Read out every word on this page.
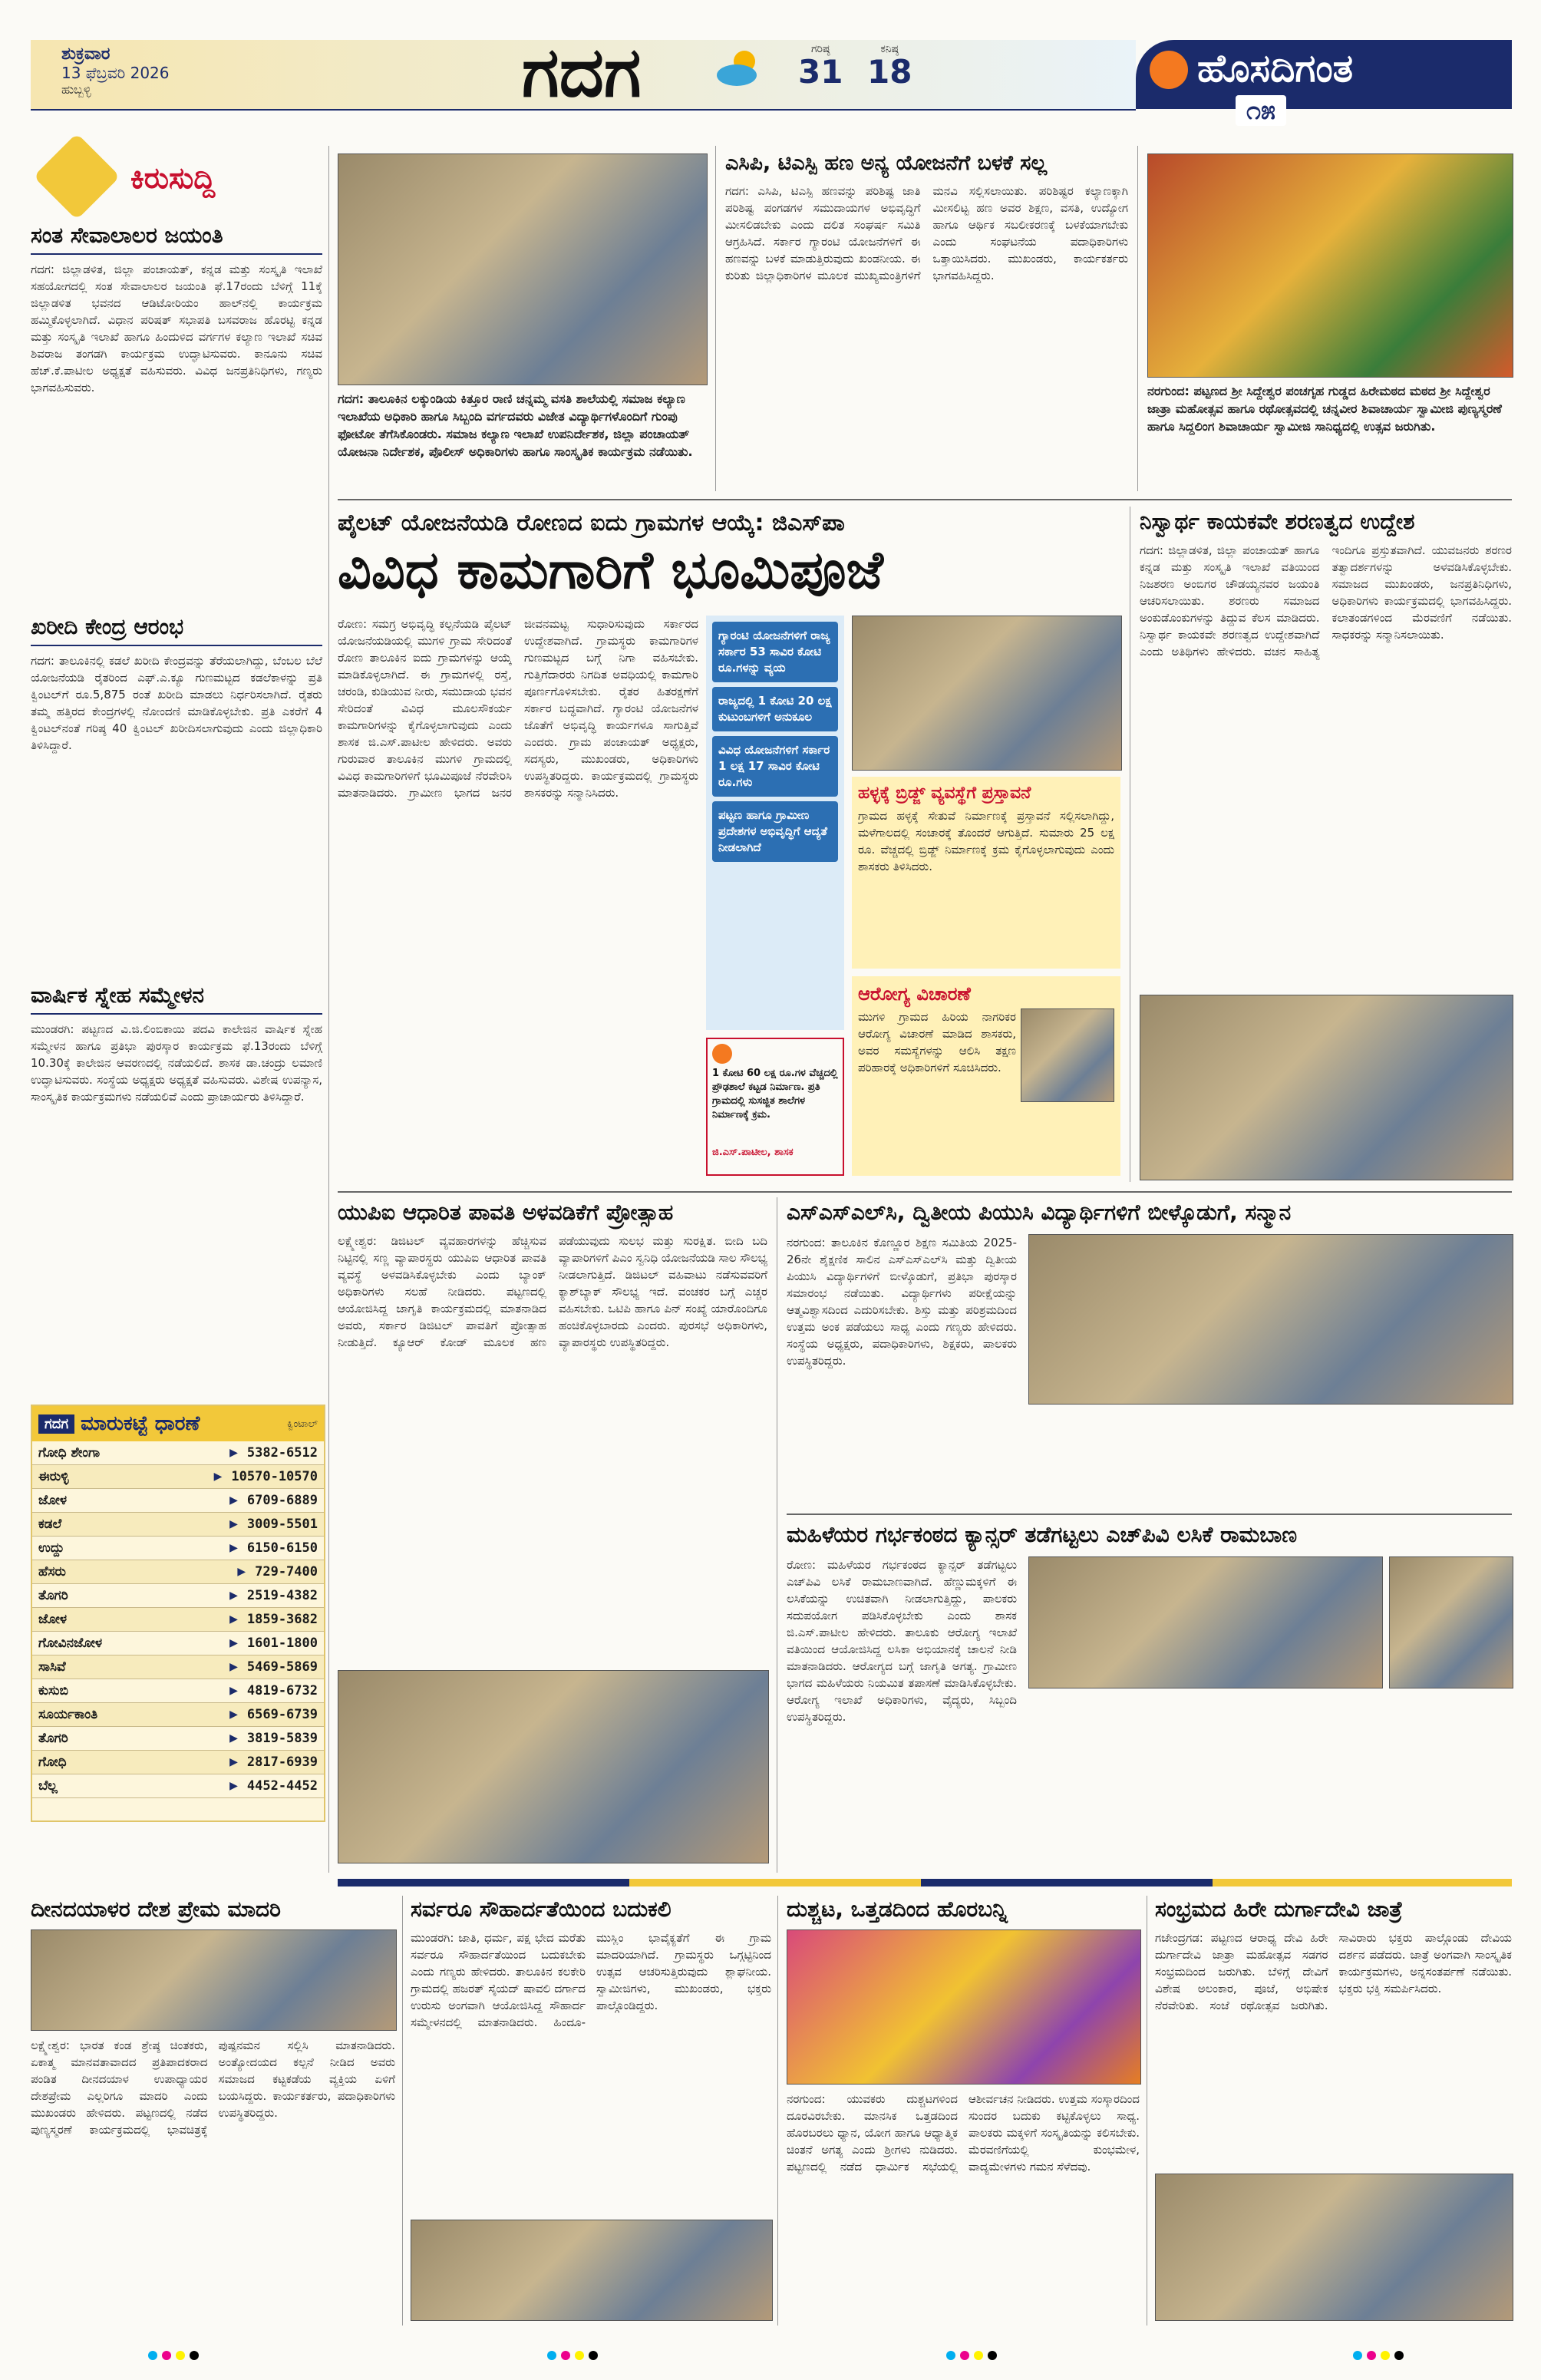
ಶುಕ್ರವಾರ
13 ಫೆಬ್ರವರಿ 2026
ಹುಬ್ಬಳ್ಳಿ	ಗದಗ	ಗರಿಷ್ಠ
31
ಕನಿಷ್ಠ
18	ಹೊಸದಿಗಂತ
೧೫
ಕಿರುಸುದ್ದಿ
ಸಂತ ಸೇವಾಲಾಲರ ಜಯಂತಿ
ಗದಗ: ಜಿಲ್ಲಾಡಳಿತ, ಜಿಲ್ಲಾ ಪಂಚಾಯತ್, ಕನ್ನಡ ಮತ್ತು ಸಂಸ್ಕೃತಿ ಇಲಾಖೆ ಸಹಯೋಗದಲ್ಲಿ ಸಂತ ಸೇವಾಲಾಲರ ಜಯಂತಿ ಫೆ.17ರಂದು ಬೆಳಿಗ್ಗೆ 11ಕ್ಕೆ ಜಿಲ್ಲಾಡಳಿತ ಭವನದ ಆಡಿಟೋರಿಯಂ ಹಾಲ್‌ನಲ್ಲಿ ಕಾರ್ಯಕ್ರಮ ಹಮ್ಮಿಕೊಳ್ಳಲಾಗಿದೆ. ವಿಧಾನ ಪರಿಷತ್ ಸಭಾಪತಿ ಬಸವರಾಜ ಹೊರಟ್ಟಿ ಕನ್ನಡ ಮತ್ತು ಸಂಸ್ಕೃತಿ ಇಲಾಖೆ ಹಾಗೂ ಹಿಂದುಳಿದ ವರ್ಗಗಳ ಕಲ್ಯಾಣ ಇಲಾಖೆ ಸಚಿವ ಶಿವರಾಜ ತಂಗಡಗಿ ಕಾರ್ಯಕ್ರಮ ಉದ್ಘಾಟಿಸುವರು. ಕಾನೂನು ಸಚಿವ ಹೆಚ್.ಕೆ.ಪಾಟೀಲ ಅಧ್ಯಕ್ಷತೆ ವಹಿಸುವರು. ವಿವಿಧ ಜನಪ್ರತಿನಿಧಿಗಳು, ಗಣ್ಯರು ಭಾಗವಹಿಸುವರು.
ಖರೀದಿ ಕೇಂದ್ರ ಆರಂಭ
ಗದಗ: ತಾಲೂಕಿನಲ್ಲಿ ಕಡಲೆ ಖರೀದಿ ಕೇಂದ್ರವನ್ನು ತೆರೆಯಲಾಗಿದ್ದು, ಬೆಂಬಲ ಬೆಲೆ ಯೋಜನೆಯಡಿ ರೈತರಿಂದ ಎಫ್.ಎ.ಕ್ಯೂ ಗುಣಮಟ್ಟದ ಕಡಲೆಕಾಳನ್ನು ಪ್ರತಿ ಕ್ವಿಂಟಲ್‌ಗೆ ರೂ.5,875 ರಂತೆ ಖರೀದಿ ಮಾಡಲು ನಿರ್ಧರಿಸಲಾಗಿದೆ. ರೈತರು ತಮ್ಮ ಹತ್ತಿರದ ಕೇಂದ್ರಗಳಲ್ಲಿ ನೋಂದಣಿ ಮಾಡಿಕೊಳ್ಳಬೇಕು. ಪ್ರತಿ ಎಕರೆಗೆ 4 ಕ್ವಿಂಟಲ್‌ನಂತೆ ಗರಿಷ್ಠ 40 ಕ್ವಿಂಟಲ್ ಖರೀದಿಸಲಾಗುವುದು ಎಂದು ಜಿಲ್ಲಾಧಿಕಾರಿ ತಿಳಿಸಿದ್ದಾರೆ.
ವಾರ್ಷಿಕ ಸ್ನೇಹ ಸಮ್ಮೇಳನ
ಮುಂಡರಗಿ: ಪಟ್ಟಣದ ವಿ.ಜಿ.ಲಿಂಬಿಕಾಯಿ ಪದವಿ ಕಾಲೇಜಿನ ವಾರ್ಷಿಕ ಸ್ನೇಹ ಸಮ್ಮೇಳನ ಹಾಗೂ ಪ್ರತಿಭಾ ಪುರಸ್ಕಾರ ಕಾರ್ಯಕ್ರಮ ಫೆ.13ರಂದು ಬೆಳಿಗ್ಗೆ 10.30ಕ್ಕೆ ಕಾಲೇಜಿನ ಆವರಣದಲ್ಲಿ ನಡೆಯಲಿದೆ. ಶಾಸಕ ಡಾ.ಚಂದ್ರು ಲಮಾಣಿ ಉದ್ಘಾಟಿಸುವರು. ಸಂಸ್ಥೆಯ ಅಧ್ಯಕ್ಷರು ಅಧ್ಯಕ್ಷತೆ ವಹಿಸುವರು. ವಿಶೇಷ ಉಪನ್ಯಾಸ, ಸಾಂಸ್ಕೃತಿಕ ಕಾರ್ಯಕ್ರಮಗಳು ನಡೆಯಲಿವೆ ಎಂದು ಪ್ರಾಚಾರ್ಯರು ತಿಳಿಸಿದ್ದಾರೆ.
ಗದಗ: ತಾಲೂಕಿನ ಲಕ್ಕುಂಡಿಯ ಕಿತ್ತೂರ ರಾಣಿ ಚನ್ನಮ್ಮ ವಸತಿ ಶಾಲೆಯಲ್ಲಿ ಸಮಾಜ ಕಲ್ಯಾಣ ಇಲಾಖೆಯ ಅಧಿಕಾರಿ ಹಾಗೂ ಸಿಬ್ಬಂದಿ ವರ್ಗದವರು ವಿಜೇತ ವಿದ್ಯಾರ್ಥಿಗಳೊಂದಿಗೆ ಗುಂಪು ಫೋಟೋ ತೆಗೆಸಿಕೊಂಡರು. ಸಮಾಜ ಕಲ್ಯಾಣ ಇಲಾಖೆ ಉಪನಿರ್ದೇಶಕ, ಜಿಲ್ಲಾ ಪಂಚಾಯತ್ ಯೋಜನಾ ನಿರ್ದೇಶಕ, ಪೊಲೀಸ್ ಅಧಿಕಾರಿಗಳು ಹಾಗೂ ಸಾಂಸ್ಕೃತಿಕ ಕಾರ್ಯಕ್ರಮ ನಡೆಯಿತು.
ಎಸಿಪಿ, ಟಿಎಸ್ಪಿ ಹಣ ಅನ್ಯ ಯೋಜನೆಗೆ ಬಳಕೆ ಸಲ್ಲ
ಗದಗ: ಎಸಿಪಿ, ಟಿಎಸ್ಪಿ ಹಣವನ್ನು ಪರಿಶಿಷ್ಟ ಜಾತಿ ಪರಿಶಿಷ್ಟ ಪಂಗಡಗಳ ಸಮುದಾಯಗಳ ಅಭಿವೃದ್ಧಿಗೆ ಮೀಸಲಿಡಬೇಕು ಎಂದು ದಲಿತ ಸಂಘರ್ಷ ಸಮಿತಿ ಆಗ್ರಹಿಸಿದೆ. ಸರ್ಕಾರ ಗ್ಯಾರಂಟಿ ಯೋಜನೆಗಳಿಗೆ ಈ ಹಣವನ್ನು ಬಳಕೆ ಮಾಡುತ್ತಿರುವುದು ಖಂಡನೀಯ. ಈ ಕುರಿತು ಜಿಲ್ಲಾಧಿಕಾರಿಗಳ ಮೂಲಕ ಮುಖ್ಯಮಂತ್ರಿಗಳಿಗೆ ಮನವಿ ಸಲ್ಲಿಸಲಾಯಿತು. ಪರಿಶಿಷ್ಟರ ಕಲ್ಯಾಣಕ್ಕಾಗಿ ಮೀಸಲಿಟ್ಟ ಹಣ ಅವರ ಶಿಕ್ಷಣ, ವಸತಿ, ಉದ್ಯೋಗ ಹಾಗೂ ಆರ್ಥಿಕ ಸಬಲೀಕರಣಕ್ಕೆ ಬಳಕೆಯಾಗಬೇಕು ಎಂದು ಸಂಘಟನೆಯ ಪದಾಧಿಕಾರಿಗಳು ಒತ್ತಾಯಿಸಿದರು. ಮುಖಂಡರು, ಕಾರ್ಯಕರ್ತರು ಭಾಗವಹಿಸಿದ್ದರು.
ನರಗುಂದ: ಪಟ್ಟಣದ ಶ್ರೀ ಸಿದ್ದೇಶ್ವರ ಪಂಚಗೃಹ ಗುಡ್ಡದ ಹಿರೇಮಠದ ಮಠದ ಶ್ರೀ ಸಿದ್ದೇಶ್ವರ ಜಾತ್ರಾ ಮಹೋತ್ಸವ ಹಾಗೂ ರಥೋತ್ಸವದಲ್ಲಿ ಚನ್ನವೀರ ಶಿವಾಚಾರ್ಯ ಸ್ವಾಮೀಜಿ ಪುಣ್ಯಸ್ಮರಣೆ ಹಾಗೂ ಸಿದ್ದಲಿಂಗ ಶಿವಾಚಾರ್ಯ ಸ್ವಾಮೀಜಿ ಸಾನಿಧ್ಯದಲ್ಲಿ ಉತ್ಸವ ಜರುಗಿತು.
ಪೈಲಟ್ ಯೋಜನೆಯಡಿ ರೋಣದ ಐದು ಗ್ರಾಮಗಳ ಆಯ್ಕೆ: ಜಿಎಸ್‌ಪಾ
ವಿವಿಧ ಕಾಮಗಾರಿಗೆ ಭೂಮಿಪೂಜೆ
ರೋಣ: ಸಮಗ್ರ ಅಭಿವೃದ್ಧಿ ಕಲ್ಪನೆಯಡಿ ಪೈಲಟ್ ಯೋಜನೆಯಡಿಯಲ್ಲಿ ಮುಗಳಿ ಗ್ರಾಮ ಸೇರಿದಂತೆ ರೋಣ ತಾಲೂಕಿನ ಐದು ಗ್ರಾಮಗಳನ್ನು ಆಯ್ಕೆ ಮಾಡಿಕೊಳ್ಳಲಾಗಿದೆ. ಈ ಗ್ರಾಮಗಳಲ್ಲಿ ರಸ್ತೆ, ಚರಂಡಿ, ಕುಡಿಯುವ ನೀರು, ಸಮುದಾಯ ಭವನ ಸೇರಿದಂತೆ ವಿವಿಧ ಮೂಲಸೌಕರ್ಯ ಕಾಮಗಾರಿಗಳನ್ನು ಕೈಗೊಳ್ಳಲಾಗುವುದು ಎಂದು ಶಾಸಕ ಜಿ.ಎಸ್.ಪಾಟೀಲ ಹೇಳಿದರು. ಅವರು ಗುರುವಾರ ತಾಲೂಕಿನ ಮುಗಳಿ ಗ್ರಾಮದಲ್ಲಿ ವಿವಿಧ ಕಾಮಗಾರಿಗಳಿಗೆ ಭೂಮಿಪೂಜೆ ನೆರವೇರಿಸಿ ಮಾತನಾಡಿದರು. ಗ್ರಾಮೀಣ ಭಾಗದ ಜನರ ಜೀವನಮಟ್ಟ ಸುಧಾರಿಸುವುದು ಸರ್ಕಾರದ ಉದ್ದೇಶವಾಗಿದೆ. ಗ್ರಾಮಸ್ಥರು ಕಾಮಗಾರಿಗಳ ಗುಣಮಟ್ಟದ ಬಗ್ಗೆ ನಿಗಾ ವಹಿಸಬೇಕು. ಗುತ್ತಿಗೆದಾರರು ನಿಗದಿತ ಅವಧಿಯಲ್ಲಿ ಕಾಮಗಾರಿ ಪೂರ್ಣಗೊಳಿಸಬೇಕು. ರೈತರ ಹಿತರಕ್ಷಣೆಗೆ ಸರ್ಕಾರ ಬದ್ಧವಾಗಿದೆ. ಗ್ಯಾರಂಟಿ ಯೋಜನೆಗಳ ಜೊತೆಗೆ ಅಭಿವೃದ್ಧಿ ಕಾರ್ಯಗಳೂ ಸಾಗುತ್ತಿವೆ ಎಂದರು. ಗ್ರಾಮ ಪಂಚಾಯತ್ ಅಧ್ಯಕ್ಷರು, ಸದಸ್ಯರು, ಮುಖಂಡರು, ಅಧಿಕಾರಿಗಳು ಉಪಸ್ಥಿತರಿದ್ದರು. ಕಾರ್ಯಕ್ರಮದಲ್ಲಿ ಗ್ರಾಮಸ್ಥರು ಶಾಸಕರನ್ನು ಸನ್ಮಾನಿಸಿದರು.
ಗ್ಯಾರಂಟಿ ಯೋಜನೆಗಳಿಗೆ ರಾಜ್ಯ ಸರ್ಕಾರ 53 ಸಾವಿರ ಕೋಟಿ ರೂ.ಗಳನ್ನು ವ್ಯಯ
ರಾಜ್ಯದಲ್ಲಿ 1 ಕೋಟಿ 20 ಲಕ್ಷ ಕುಟುಂಬಗಳಿಗೆ ಅನುಕೂಲ
ವಿವಿಧ ಯೋಜನೆಗಳಿಗೆ ಸರ್ಕಾರ 1 ಲಕ್ಷ 17 ಸಾವಿರ ಕೋಟಿ ರೂ.ಗಳು
ಪಟ್ಟಣ ಹಾಗೂ ಗ್ರಾಮೀಣ ಪ್ರದೇಶಗಳ ಅಭಿವೃದ್ಧಿಗೆ ಆದ್ಯತೆ ನೀಡಲಾಗಿದೆ
1 ಕೋಟಿ 60 ಲಕ್ಷ ರೂ.ಗಳ ವೆಚ್ಚದಲ್ಲಿ ಪ್ರೌಢಶಾಲೆ ಕಟ್ಟಡ ನಿರ್ಮಾಣ. ಪ್ರತಿ ಗ್ರಾಮದಲ್ಲಿ ಸುಸಜ್ಜಿತ ಶಾಲೆಗಳ ನಿರ್ಮಾಣಕ್ಕೆ ಕ್ರಮ.
ಜಿ.ಎಸ್.ಪಾಟೀಲ, ಶಾಸಕ
ಹಳ್ಳಕ್ಕೆ ಬ್ರಿಡ್ಜ್ ವ್ಯವಸ್ಥೆಗೆ ಪ್ರಸ್ತಾವನೆ
ಗ್ರಾಮದ ಹಳ್ಳಕ್ಕೆ ಸೇತುವೆ ನಿರ್ಮಾಣಕ್ಕೆ ಪ್ರಸ್ತಾವನೆ ಸಲ್ಲಿಸಲಾಗಿದ್ದು, ಮಳೆಗಾಲದಲ್ಲಿ ಸಂಚಾರಕ್ಕೆ ತೊಂದರೆ ಆಗುತ್ತಿದೆ. ಸುಮಾರು 25 ಲಕ್ಷ ರೂ. ವೆಚ್ಚದಲ್ಲಿ ಬ್ರಿಡ್ಜ್ ನಿರ್ಮಾಣಕ್ಕೆ ಕ್ರಮ ಕೈಗೊಳ್ಳಲಾಗುವುದು ಎಂದು ಶಾಸಕರು ತಿಳಿಸಿದರು.
ಆರೋಗ್ಯ ವಿಚಾರಣೆ
ಮುಗಳಿ ಗ್ರಾಮದ ಹಿರಿಯ ನಾಗರಿಕರ ಆರೋಗ್ಯ ವಿಚಾರಣೆ ಮಾಡಿದ ಶಾಸಕರು, ಅವರ ಸಮಸ್ಯೆಗಳನ್ನು ಆಲಿಸಿ ತಕ್ಷಣ ಪರಿಹಾರಕ್ಕೆ ಅಧಿಕಾರಿಗಳಿಗೆ ಸೂಚಿಸಿದರು.
ನಿಸ್ವಾರ್ಥ ಕಾಯಕವೇ ಶರಣತ್ವದ ಉದ್ದೇಶ
ಗದಗ: ಜಿಲ್ಲಾಡಳಿತ, ಜಿಲ್ಲಾ ಪಂಚಾಯತ್ ಹಾಗೂ ಕನ್ನಡ ಮತ್ತು ಸಂಸ್ಕೃತಿ ಇಲಾಖೆ ವತಿಯಿಂದ ನಿಜಶರಣ ಅಂಬಿಗರ ಚೌಡಯ್ಯನವರ ಜಯಂತಿ ಆಚರಿಸಲಾಯಿತು. ಶರಣರು ಸಮಾಜದ ಅಂಕುಡೊಂಕುಗಳನ್ನು ತಿದ್ದುವ ಕೆಲಸ ಮಾಡಿದರು. ನಿಸ್ವಾರ್ಥ ಕಾಯಕವೇ ಶರಣತ್ವದ ಉದ್ದೇಶವಾಗಿದೆ ಎಂದು ಅತಿಥಿಗಳು ಹೇಳಿದರು. ವಚನ ಸಾಹಿತ್ಯ ಇಂದಿಗೂ ಪ್ರಸ್ತುತವಾಗಿದೆ. ಯುವಜನರು ಶರಣರ ತತ್ವಾದರ್ಶಗಳನ್ನು ಅಳವಡಿಸಿಕೊಳ್ಳಬೇಕು. ಸಮಾಜದ ಮುಖಂಡರು, ಜನಪ್ರತಿನಿಧಿಗಳು, ಅಧಿಕಾರಿಗಳು ಕಾರ್ಯಕ್ರಮದಲ್ಲಿ ಭಾಗವಹಿಸಿದ್ದರು. ಕಲಾತಂಡಗಳಿಂದ ಮೆರವಣಿಗೆ ನಡೆಯಿತು. ಸಾಧಕರನ್ನು ಸನ್ಮಾನಿಸಲಾಯಿತು.
ಗದಗ ಮಾರುಕಟ್ಟೆ ಧಾರಣೆ	ಕ್ವಿಂಟಾಲ್
ಗೋಧಿ ಶೇಂಗಾ	▶ 5382-6512
ಈರುಳ್ಳಿ	▶ 10570-10570
ಜೋಳ	▶ 6709-6889
ಕಡಲೆ	▶ 3009-5501
ಉದ್ದು	▶ 6150-6150
ಹೆಸರು	▶ 729-7400
ತೊಗರಿ	▶ 2519-4382
ಜೋಳ	▶ 1859-3682
ಗೋವಿನಜೋಳ	▶ 1601-1800
ಸಾಸಿವೆ	▶ 5469-5869
ಕುಸುಬಿ	▶ 4819-6732
ಸೂರ್ಯಕಾಂತಿ	▶ 6569-6739
ತೊಗರಿ	▶ 3819-5839
ಗೋಧಿ	▶ 2817-6939
ಬೆಲ್ಲ	▶ 4452-4452
ಯುಪಿಐ ಆಧಾರಿತ ಪಾವತಿ ಅಳವಡಿಕೆಗೆ ಪ್ರೋತ್ಸಾಹ
ಲಕ್ಷ್ಮೇಶ್ವರ: ಡಿಜಿಟಲ್ ವ್ಯವಹಾರಗಳನ್ನು ಹೆಚ್ಚಿಸುವ ನಿಟ್ಟಿನಲ್ಲಿ ಸಣ್ಣ ವ್ಯಾಪಾರಸ್ಥರು ಯುಪಿಐ ಆಧಾರಿತ ಪಾವತಿ ವ್ಯವಸ್ಥೆ ಅಳವಡಿಸಿಕೊಳ್ಳಬೇಕು ಎಂದು ಬ್ಯಾಂಕ್ ಅಧಿಕಾರಿಗಳು ಸಲಹೆ ನೀಡಿದರು. ಪಟ್ಟಣದಲ್ಲಿ ಆಯೋಜಿಸಿದ್ದ ಜಾಗೃತಿ ಕಾರ್ಯಕ್ರಮದಲ್ಲಿ ಮಾತನಾಡಿದ ಅವರು, ಸರ್ಕಾರ ಡಿಜಿಟಲ್ ಪಾವತಿಗೆ ಪ್ರೋತ್ಸಾಹ ನೀಡುತ್ತಿದೆ. ಕ್ಯೂಆರ್ ಕೋಡ್ ಮೂಲಕ ಹಣ ಪಡೆಯುವುದು ಸುಲಭ ಮತ್ತು ಸುರಕ್ಷಿತ. ಬೀದಿ ಬದಿ ವ್ಯಾಪಾರಿಗಳಿಗೆ ಪಿಎಂ ಸ್ವನಿಧಿ ಯೋಜನೆಯಡಿ ಸಾಲ ಸೌಲಭ್ಯ ನೀಡಲಾಗುತ್ತಿದೆ. ಡಿಜಿಟಲ್ ವಹಿವಾಟು ನಡೆಸುವವರಿಗೆ ಕ್ಯಾಶ್‌ಬ್ಯಾಕ್ ಸೌಲಭ್ಯ ಇದೆ. ವಂಚಕರ ಬಗ್ಗೆ ಎಚ್ಚರ ವಹಿಸಬೇಕು. ಒಟಿಪಿ ಹಾಗೂ ಪಿನ್ ಸಂಖ್ಯೆ ಯಾರೊಂದಿಗೂ ಹಂಚಿಕೊಳ್ಳಬಾರದು ಎಂದರು. ಪುರಸಭೆ ಅಧಿಕಾರಿಗಳು, ವ್ಯಾಪಾರಸ್ಥರು ಉಪಸ್ಥಿತರಿದ್ದರು.
ಎಸ್‌ಎಸ್‌ಎಲ್‌ಸಿ, ದ್ವಿತೀಯ ಪಿಯುಸಿ ವಿದ್ಯಾರ್ಥಿಗಳಿಗೆ ಬೀಳ್ಕೊಡುಗೆ, ಸನ್ಮಾನ
ನರಗುಂದ: ತಾಲೂಕಿನ ಕೊಣ್ಣೂರ ಶಿಕ್ಷಣ ಸಮಿತಿಯ 2025-26ನೇ ಶೈಕ್ಷಣಿಕ ಸಾಲಿನ ಎಸ್‌ಎಸ್‌ಎಲ್‌ಸಿ ಮತ್ತು ದ್ವಿತೀಯ ಪಿಯುಸಿ ವಿದ್ಯಾರ್ಥಿಗಳಿಗೆ ಬೀಳ್ಕೊಡುಗೆ, ಪ್ರತಿಭಾ ಪುರಸ್ಕಾರ ಸಮಾರಂಭ ನಡೆಯಿತು. ವಿದ್ಯಾರ್ಥಿಗಳು ಪರೀಕ್ಷೆಯನ್ನು ಆತ್ಮವಿಶ್ವಾಸದಿಂದ ಎದುರಿಸಬೇಕು. ಶಿಸ್ತು ಮತ್ತು ಪರಿಶ್ರಮದಿಂದ ಉತ್ತಮ ಅಂಕ ಪಡೆಯಲು ಸಾಧ್ಯ ಎಂದು ಗಣ್ಯರು ಹೇಳಿದರು. ಸಂಸ್ಥೆಯ ಅಧ್ಯಕ್ಷರು, ಪದಾಧಿಕಾರಿಗಳು, ಶಿಕ್ಷಕರು, ಪಾಲಕರು ಉಪಸ್ಥಿತರಿದ್ದರು.
ಮಹಿಳೆಯರ ಗರ್ಭಕಂಠದ ಕ್ಯಾನ್ಸರ್ ತಡೆಗಟ್ಟಲು ಎಚ್‌ಪಿವಿ ಲಸಿಕೆ ರಾಮಬಾಣ
ರೋಣ: ಮಹಿಳೆಯರ ಗರ್ಭಕಂಠದ ಕ್ಯಾನ್ಸರ್ ತಡೆಗಟ್ಟಲು ಎಚ್‌ಪಿವಿ ಲಸಿಕೆ ರಾಮಬಾಣವಾಗಿದೆ. ಹೆಣ್ಣುಮಕ್ಕಳಿಗೆ ಈ ಲಸಿಕೆಯನ್ನು ಉಚಿತವಾಗಿ ನೀಡಲಾಗುತ್ತಿದ್ದು, ಪಾಲಕರು ಸದುಪಯೋಗ ಪಡಿಸಿಕೊಳ್ಳಬೇಕು ಎಂದು ಶಾಸಕ ಜಿ.ಎಸ್.ಪಾಟೀಲ ಹೇಳಿದರು. ತಾಲೂಕು ಆರೋಗ್ಯ ಇಲಾಖೆ ವತಿಯಿಂದ ಆಯೋಜಿಸಿದ್ದ ಲಸಿಕಾ ಅಭಿಯಾನಕ್ಕೆ ಚಾಲನೆ ನೀಡಿ ಮಾತನಾಡಿದರು. ಆರೋಗ್ಯದ ಬಗ್ಗೆ ಜಾಗೃತಿ ಅಗತ್ಯ. ಗ್ರಾಮೀಣ ಭಾಗದ ಮಹಿಳೆಯರು ನಿಯಮಿತ ತಪಾಸಣೆ ಮಾಡಿಸಿಕೊಳ್ಳಬೇಕು. ಆರೋಗ್ಯ ಇಲಾಖೆ ಅಧಿಕಾರಿಗಳು, ವೈದ್ಯರು, ಸಿಬ್ಬಂದಿ ಉಪಸ್ಥಿತರಿದ್ದರು.
ದೀನದಯಾಳರ ದೇಶ ಪ್ರೇಮ ಮಾದರಿ
ಲಕ್ಷ್ಮೇಶ್ವರ: ಭಾರತ ಕಂಡ ಶ್ರೇಷ್ಠ ಚಿಂತಕರು, ಏಕಾತ್ಮ ಮಾನವತಾವಾದದ ಪ್ರತಿಪಾದಕರಾದ ಪಂಡಿತ ದೀನದಯಾಳ ಉಪಾಧ್ಯಾಯರ ದೇಶಪ್ರೇಮ ಎಲ್ಲರಿಗೂ ಮಾದರಿ ಎಂದು ಮುಖಂಡರು ಹೇಳಿದರು. ಪಟ್ಟಣದಲ್ಲಿ ನಡೆದ ಪುಣ್ಯಸ್ಮರಣೆ ಕಾರ್ಯಕ್ರಮದಲ್ಲಿ ಭಾವಚಿತ್ರಕ್ಕೆ ಪುಷ್ಪನಮನ ಸಲ್ಲಿಸಿ ಮಾತನಾಡಿದರು. ಅಂತ್ಯೋದಯದ ಕಲ್ಪನೆ ನೀಡಿದ ಅವರು ಸಮಾಜದ ಕಟ್ಟಕಡೆಯ ವ್ಯಕ್ತಿಯ ಏಳಿಗೆ ಬಯಸಿದ್ದರು. ಕಾರ್ಯಕರ್ತರು, ಪದಾಧಿಕಾರಿಗಳು ಉಪಸ್ಥಿತರಿದ್ದರು.
ಸರ್ವರೂ ಸೌಹಾರ್ದತೆಯಿಂದ ಬದುಕಲಿ
ಮುಂಡರಗಿ: ಜಾತಿ, ಧರ್ಮ, ಪಕ್ಷ ಭೇದ ಮರೆತು ಸರ್ವರೂ ಸೌಹಾರ್ದತೆಯಿಂದ ಬದುಕಬೇಕು ಎಂದು ಗಣ್ಯರು ಹೇಳಿದರು. ತಾಲೂಕಿನ ಕಲಕೇರಿ ಗ್ರಾಮದಲ್ಲಿ ಹಜರತ್ ಸೈಯದ್ ಷಾವಲಿ ದರ್ಗಾದ ಉರುಸು ಅಂಗವಾಗಿ ಆಯೋಜಿಸಿದ್ದ ಸೌಹಾರ್ದ ಸಮ್ಮೇಳನದಲ್ಲಿ ಮಾತನಾಡಿದರು. ಹಿಂದೂ-ಮುಸ್ಲಿಂ ಭಾವೈಕ್ಯತೆಗೆ ಈ ಗ್ರಾಮ ಮಾದರಿಯಾಗಿದೆ. ಗ್ರಾಮಸ್ಥರು ಒಗ್ಗಟ್ಟಿನಿಂದ ಉತ್ಸವ ಆಚರಿಸುತ್ತಿರುವುದು ಶ್ಲಾಘನೀಯ. ಸ್ವಾಮೀಜಿಗಳು, ಮುಖಂಡರು, ಭಕ್ತರು ಪಾಲ್ಗೊಂಡಿದ್ದರು.
ದುಶ್ಚಟ, ಒತ್ತಡದಿಂದ ಹೊರಬನ್ನಿ
ನರಗುಂದ: ಯುವಕರು ದುಶ್ಚಟಗಳಿಂದ ದೂರವಿರಬೇಕು. ಮಾನಸಿಕ ಒತ್ತಡದಿಂದ ಹೊರಬರಲು ಧ್ಯಾನ, ಯೋಗ ಹಾಗೂ ಆಧ್ಯಾತ್ಮಿಕ ಚಿಂತನೆ ಅಗತ್ಯ ಎಂದು ಶ್ರೀಗಳು ನುಡಿದರು. ಪಟ್ಟಣದಲ್ಲಿ ನಡೆದ ಧಾರ್ಮಿಕ ಸಭೆಯಲ್ಲಿ ಆಶೀರ್ವಚನ ನೀಡಿದರು. ಉತ್ತಮ ಸಂಸ್ಕಾರದಿಂದ ಸುಂದರ ಬದುಕು ಕಟ್ಟಿಕೊಳ್ಳಲು ಸಾಧ್ಯ. ಪಾಲಕರು ಮಕ್ಕಳಿಗೆ ಸಂಸ್ಕೃತಿಯನ್ನು ಕಲಿಸಬೇಕು. ಮೆರವಣಿಗೆಯಲ್ಲಿ ಕುಂಭಮೇಳ, ವಾದ್ಯಮೇಳಗಳು ಗಮನ ಸೆಳೆದವು.
ಸಂಭ್ರಮದ ಹಿರೇ ದುರ್ಗಾದೇವಿ ಜಾತ್ರೆ
ಗಜೇಂದ್ರಗಡ: ಪಟ್ಟಣದ ಆರಾಧ್ಯ ದೇವಿ ಹಿರೇ ದುರ್ಗಾದೇವಿ ಜಾತ್ರಾ ಮಹೋತ್ಸವ ಸಡಗರ ಸಂಭ್ರಮದಿಂದ ಜರುಗಿತು. ಬೆಳಿಗ್ಗೆ ದೇವಿಗೆ ವಿಶೇಷ ಅಲಂಕಾರ, ಪೂಜೆ, ಅಭಿಷೇಕ ನೆರವೇರಿತು. ಸಂಜೆ ರಥೋತ್ಸವ ಜರುಗಿತು. ಸಾವಿರಾರು ಭಕ್ತರು ಪಾಲ್ಗೊಂಡು ದೇವಿಯ ದರ್ಶನ ಪಡೆದರು. ಜಾತ್ರೆ ಅಂಗವಾಗಿ ಸಾಂಸ್ಕೃತಿಕ ಕಾರ್ಯಕ್ರಮಗಳು, ಅನ್ನಸಂತರ್ಪಣೆ ನಡೆಯಿತು. ಭಕ್ತರು ಭಕ್ತಿ ಸಮರ್ಪಿಸಿದರು.
